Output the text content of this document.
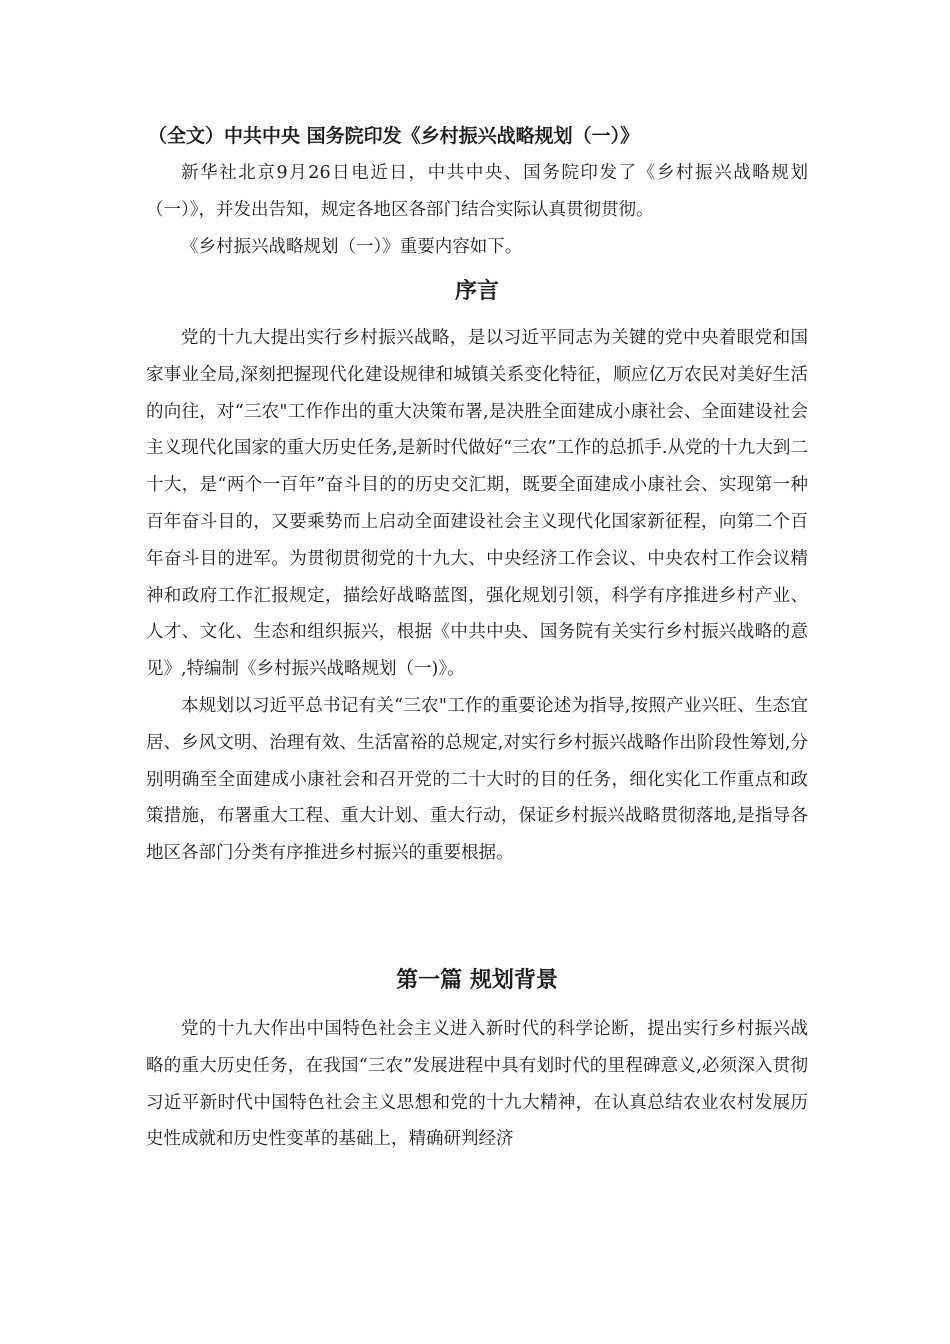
（全文）中共中央 国务院印发《乡村振兴战略规划（一）》

新华社北京9月26日电近日，中共中央、国务院印发了《乡村振兴战略规划（一）》，并发出告知，规定各地区各部门结合实际认真贯彻贯彻。

《乡村振兴战略规划（一）》重要内容如下。

序言

党的十九大提出实行乡村振兴战略，是以习近平同志为关键的党中央着眼党和国家事业全局,深刻把握现代化建设规律和城镇关系变化特征，顺应亿万农民对美好生活的向往，对“三农"工作作出的重大决策布署,是决胜全面建成小康社会、全面建设社会主义现代化国家的重大历史任务,是新时代做好“三农”工作的总抓手.从党的十九大到二十大，是“两个一百年”奋斗目的的历史交汇期，既要全面建成小康社会、实现第一种百年奋斗目的，又要乘势而上启动全面建设社会主义现代化国家新征程，向第二个百年奋斗目的进军。为贯彻贯彻党的十九大、中央经济工作会议、中央农村工作会议精神和政府工作汇报规定，描绘好战略蓝图，强化规划引领，科学有序推进乡村产业、人才、文化、生态和组织振兴，根据《中共中央、国务院有关实行乡村振兴战略的意见》,特编制《乡村振兴战略规划（一)》。

本规划以习近平总书记有关“三农"工作的重要论述为指导,按照产业兴旺、生态宜居、乡风文明、治理有效、生活富裕的总规定,对实行乡村振兴战略作出阶段性筹划,分别明确至全面建成小康社会和召开党的二十大时的目的任务，细化实化工作重点和政策措施，布署重大工程、重大计划、重大行动，保证乡村振兴战略贯彻落地,是指导各地区各部门分类有序推进乡村振兴的重要根据。

第一篇 规划背景

党的十九大作出中国特色社会主义进入新时代的科学论断，提出实行乡村振兴战略的重大历史任务，在我国“三农”发展进程中具有划时代的里程碑意义,必须深入贯彻习近平新时代中国特色社会主义思想和党的十九大精神，在认真总结农业农村发展历史性成就和历史性变革的基础上，精确研判经济
